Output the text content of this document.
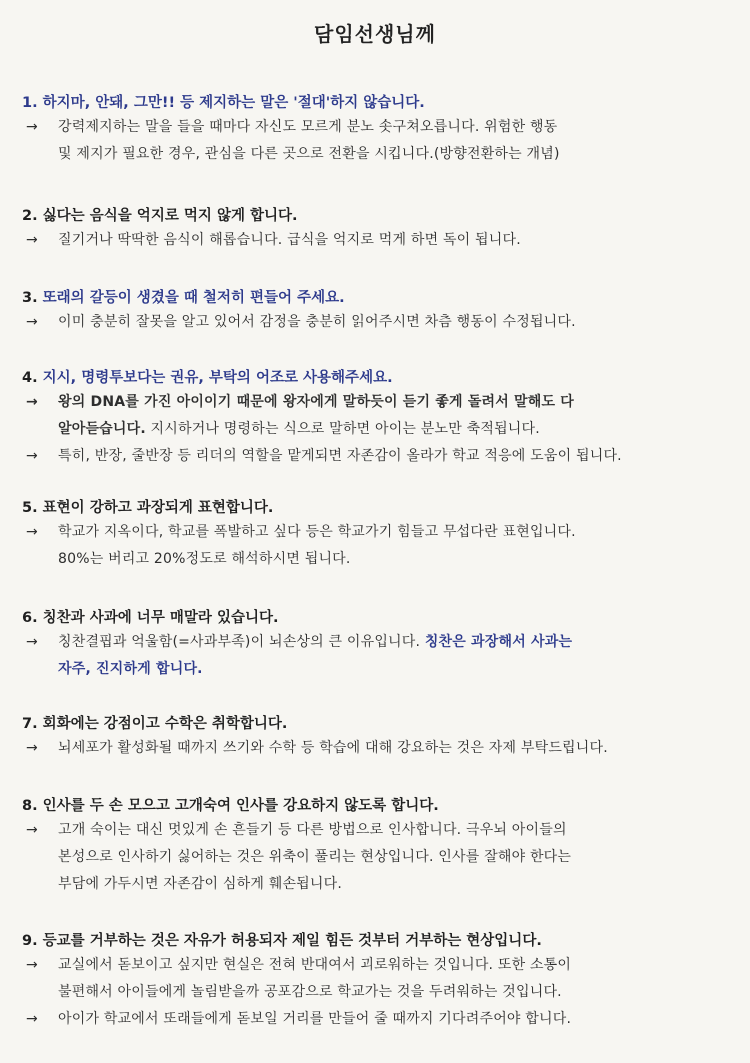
담임선생님께
1. 하지마, 안돼, 그만!! 등 제지하는 말은 '절대'하지 않습니다.
→ 강력제지하는 말을 들을 때마다 자신도 모르게 분노 솟구쳐오릅니다. 위험한 행동
및 제지가 필요한 경우, 관심을 다른 곳으로 전환을 시킵니다.(방향전환하는 개념)
2. 싫다는 음식을 억지로 먹지 않게 합니다.
→ 질기거나 딱딱한 음식이 해롭습니다. 급식을 억지로 먹게 하면 독이 됩니다.
3. 또래의 갈등이 생겼을 때 철저히 편들어 주세요.
→ 이미 충분히 잘못을 알고 있어서 감정을 충분히 읽어주시면 차츰 행동이 수정됩니다.
4. 지시, 명령투보다는 권유, 부탁의 어조로 사용해주세요.
→ 왕의 DNA를 가진 아이이기 때문에 왕자에게 말하듯이 듣기 좋게 돌려서 말해도 다
알아듣습니다. 지시하거나 명령하는 식으로 말하면 아이는 분노만 축적됩니다.
→ 특히, 반장, 줄반장 등 리더의 역할을 맡게되면 자존감이 올라가 학교 적응에 도움이 됩니다.
5. 표현이 강하고 과장되게 표현합니다.
→ 학교가 지옥이다, 학교를 폭발하고 싶다 등은 학교가기 힘들고 무섭다란 표현입니다.
80%는 버리고 20%정도로 해석하시면 됩니다.
6. 칭찬과 사과에 너무 매말라 있습니다.
→ 칭찬결핍과 억울함(=사과부족)이 뇌손상의 큰 이유입니다. 칭찬은 과장해서 사과는
자주, 진지하게 합니다.
7. 회화에는 강점이고 수학은 취학합니다.
→ 뇌세포가 활성화될 때까지 쓰기와 수학 등 학습에 대해 강요하는 것은 자제 부탁드립니다.
8. 인사를 두 손 모으고 고개숙여 인사를 강요하지 않도록 합니다.
→ 고개 숙이는 대신 멋있게 손 흔들기 등 다른 방법으로 인사합니다. 극우뇌 아이들의
본성으로 인사하기 싫어하는 것은 위축이 풀리는 현상입니다. 인사를 잘해야 한다는
부담에 가두시면 자존감이 심하게 훼손됩니다.
9. 등교를 거부하는 것은 자유가 허용되자 제일 힘든 것부터 거부하는 현상입니다.
→ 교실에서 돋보이고 싶지만 현실은 전혀 반대여서 괴로워하는 것입니다. 또한 소통이
불편해서 아이들에게 놀림받을까 공포감으로 학교가는 것을 두려워하는 것입니다.
→ 아이가 학교에서 또래들에게 돋보일 거리를 만들어 줄 때까지 기다려주어야 합니다.
